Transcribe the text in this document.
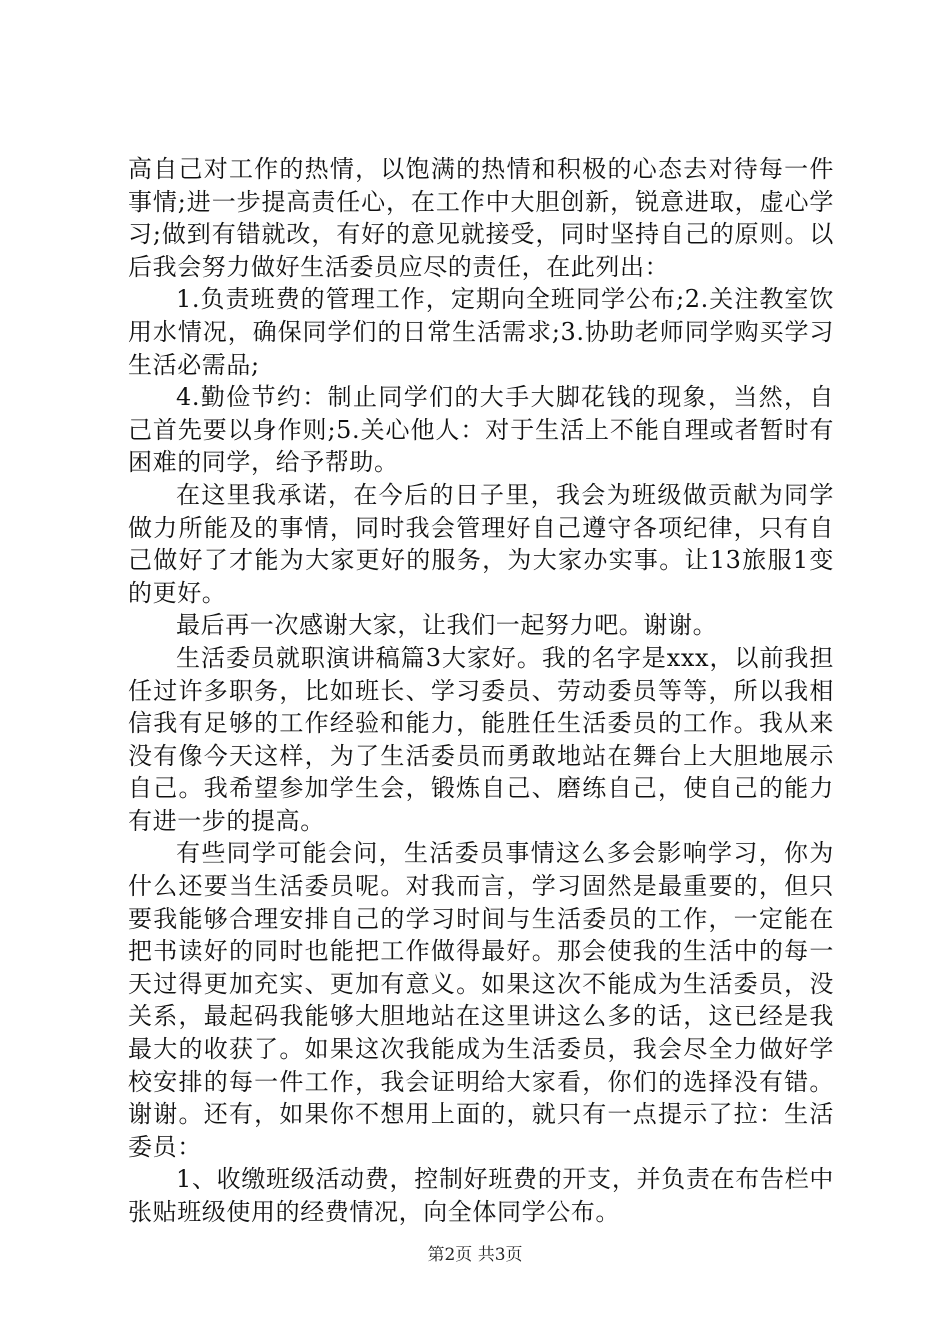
高自己对工作的热情，以饱满的热情和积极的心态去对待每一件事情;进一步提高责任心，在工作中大胆创新，锐意进取，虚心学习;做到有错就改，有好的意见就接受，同时坚持自己的原则。以后我会努力做好生活委员应尽的责任，在此列出：

1.负责班费的管理工作，定期向全班同学公布;2.关注教室饮用水情况，确保同学们的日常生活需求;3.协助老师同学购买学习生活必需品;

4.勤俭节约：制止同学们的大手大脚花钱的现象，当然，自己首先要以身作则;5.关心他人：对于生活上不能自理或者暂时有困难的同学，给予帮助。

在这里我承诺，在今后的日子里，我会为班级做贡献为同学做力所能及的事情，同时我会管理好自己遵守各项纪律，只有自己做好了才能为大家更好的服务，为大家办实事。让13旅服1变的更好。

最后再一次感谢大家，让我们一起努力吧。谢谢。

生活委员就职演讲稿篇3大家好。我的名字是xxx，以前我担任过许多职务，比如班长、学习委员、劳动委员等等，所以我相信我有足够的工作经验和能力，能胜任生活委员的工作。我从来没有像今天这样，为了生活委员而勇敢地站在舞台上大胆地展示自己。我希望参加学生会，锻炼自己、磨练自己，使自己的能力有进一步的提高。

有些同学可能会问，生活委员事情这么多会影响学习，你为什么还要当生活委员呢。对我而言，学习固然是最重要的，但只要我能够合理安排自己的学习时间与生活委员的工作，一定能在把书读好的同时也能把工作做得最好。那会使我的生活中的每一天过得更加充实、更加有意义。如果这次不能成为生活委员，没关系，最起码我能够大胆地站在这里讲这么多的话，这已经是我最大的收获了。如果这次我能成为生活委员，我会尽全力做好学校安排的每一件工作，我会证明给大家看，你们的选择没有错。谢谢。还有，如果你不想用上面的，就只有一点提示了拉：生活委员：

1、收缴班级活动费，控制好班费的开支，并负责在布告栏中张贴班级使用的经费情况，向全体同学公布。

第2页 共3页
